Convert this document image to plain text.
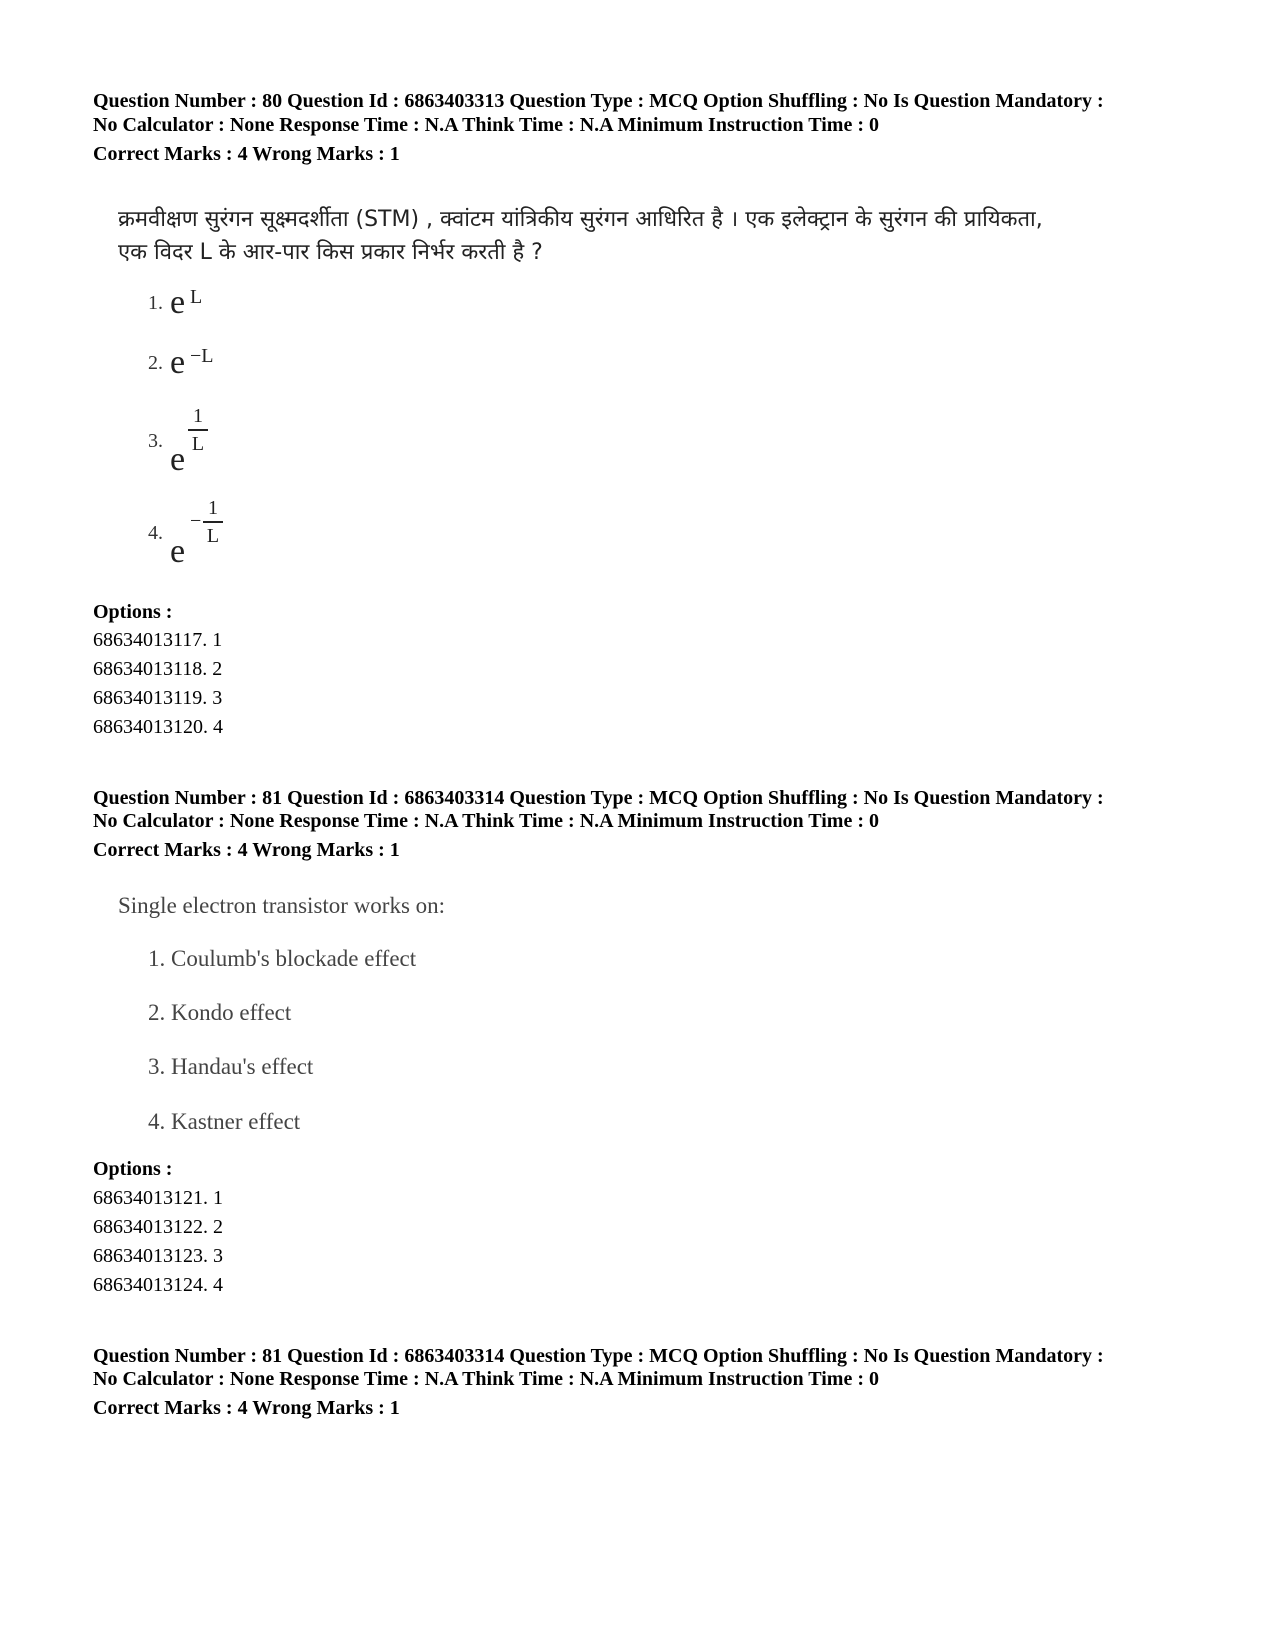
Question Number : 80 Question Id : 6863403313 Question Type : MCQ Option Shuffling : No Is Question Mandatory :
No Calculator : None Response Time : N.A Think Time : N.A Minimum Instruction Time : 0
Correct Marks : 4 Wrong Marks : 1
क्रमवीक्षण सुरंगन सूक्ष्मदर्शीता (STM) , क्वांटम यांत्रिकीय सुरंगन आधिरित है । एक इलेक्ट्रान के सुरंगन की प्रायिकता,
एक विदर L के आर-पार किस प्रकार निर्भर करती है ?
1. e L
2. e −L
3. e
1
L
4. e
−
1
L
Options :
68634013117. 1
68634013118. 2
68634013119. 3
68634013120. 4
Question Number : 81 Question Id : 6863403314 Question Type : MCQ Option Shuffling : No Is Question Mandatory :
No Calculator : None Response Time : N.A Think Time : N.A Minimum Instruction Time : 0
Correct Marks : 4 Wrong Marks : 1
Single electron transistor works on:
1. Coulumb's blockade effect
2. Kondo effect
3. Handau's effect
4. Kastner effect
Options :
68634013121. 1
68634013122. 2
68634013123. 3
68634013124. 4
Question Number : 81 Question Id : 6863403314 Question Type : MCQ Option Shuffling : No Is Question Mandatory :
No Calculator : None Response Time : N.A Think Time : N.A Minimum Instruction Time : 0
Correct Marks : 4 Wrong Marks : 1
